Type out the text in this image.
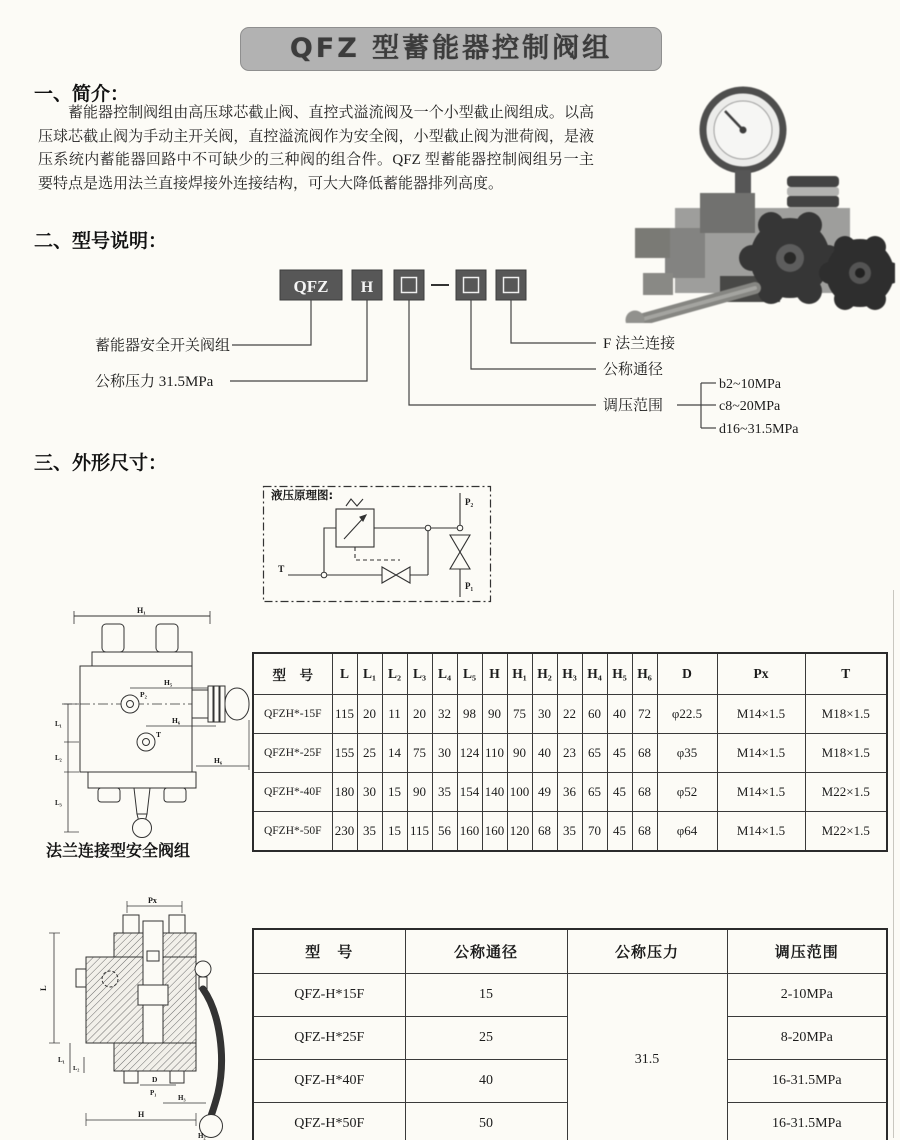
QFZ 型蓄能器控制阀组
一、简介：
蓄能器控制阀组由高压球芯截止阀、直控式溢流阀及一个小型截止阀组成。以高压球芯截止阀为手动主开关阀，直控溢流阀作为安全阀，小型截止阀为泄荷阀，是液压系统内蓄能器回路中不可缺少的三种阀的组合件。QFZ 型蓄能器控制阀组另一主要特点是选用法兰直接焊接外连接结构，可大大降低蓄能器排列高度。
二、型号说明：
QFZ H
蓄能器安全开关阀组
公称压力 31.5MPa
F 法兰连接
公称通径
调压范围
b2~10MPa
c8~20MPa
d16~31.5MPa
三、外形尺寸：
液压原理图:
T
P₂
P₁
H₁
H₅
P₂
H₆
T
L₁
L₂
L₃
H₆
法兰连接型安全阀组
Px
L
L₁
L₂
D
P₁
H₃
H
H₂
型　号	L	L₁	L₂	L₃	L₄	L₅	H	H₁	H₂	H₃	H₄	H₅	H₆	D	Px	T
QFZH*-15F	115	20	11	20	32	98	90	75	30	22	60	40	72	φ22.5	M14×1.5	M18×1.5
QFZH*-25F	155	25	14	75	30	124	110	90	40	23	65	45	68	φ35	M14×1.5	M18×1.5
QFZH*-40F	180	30	15	90	35	154	140	100	49	36	65	45	68	φ52	M14×1.5	M22×1.5
QFZH*-50F	230	35	15	115	56	160	160	120	68	35	70	45	68	φ64	M14×1.5	M22×1.5
型　号	公称通径	公称压力	调压范围
QFZ-H*15F	15	31.5	2-10MPa
QFZ-H*25F	25		8-20MPa
QFZ-H*40F	40		16-31.5MPa
QFZ-H*50F	50		16-31.5MPa
